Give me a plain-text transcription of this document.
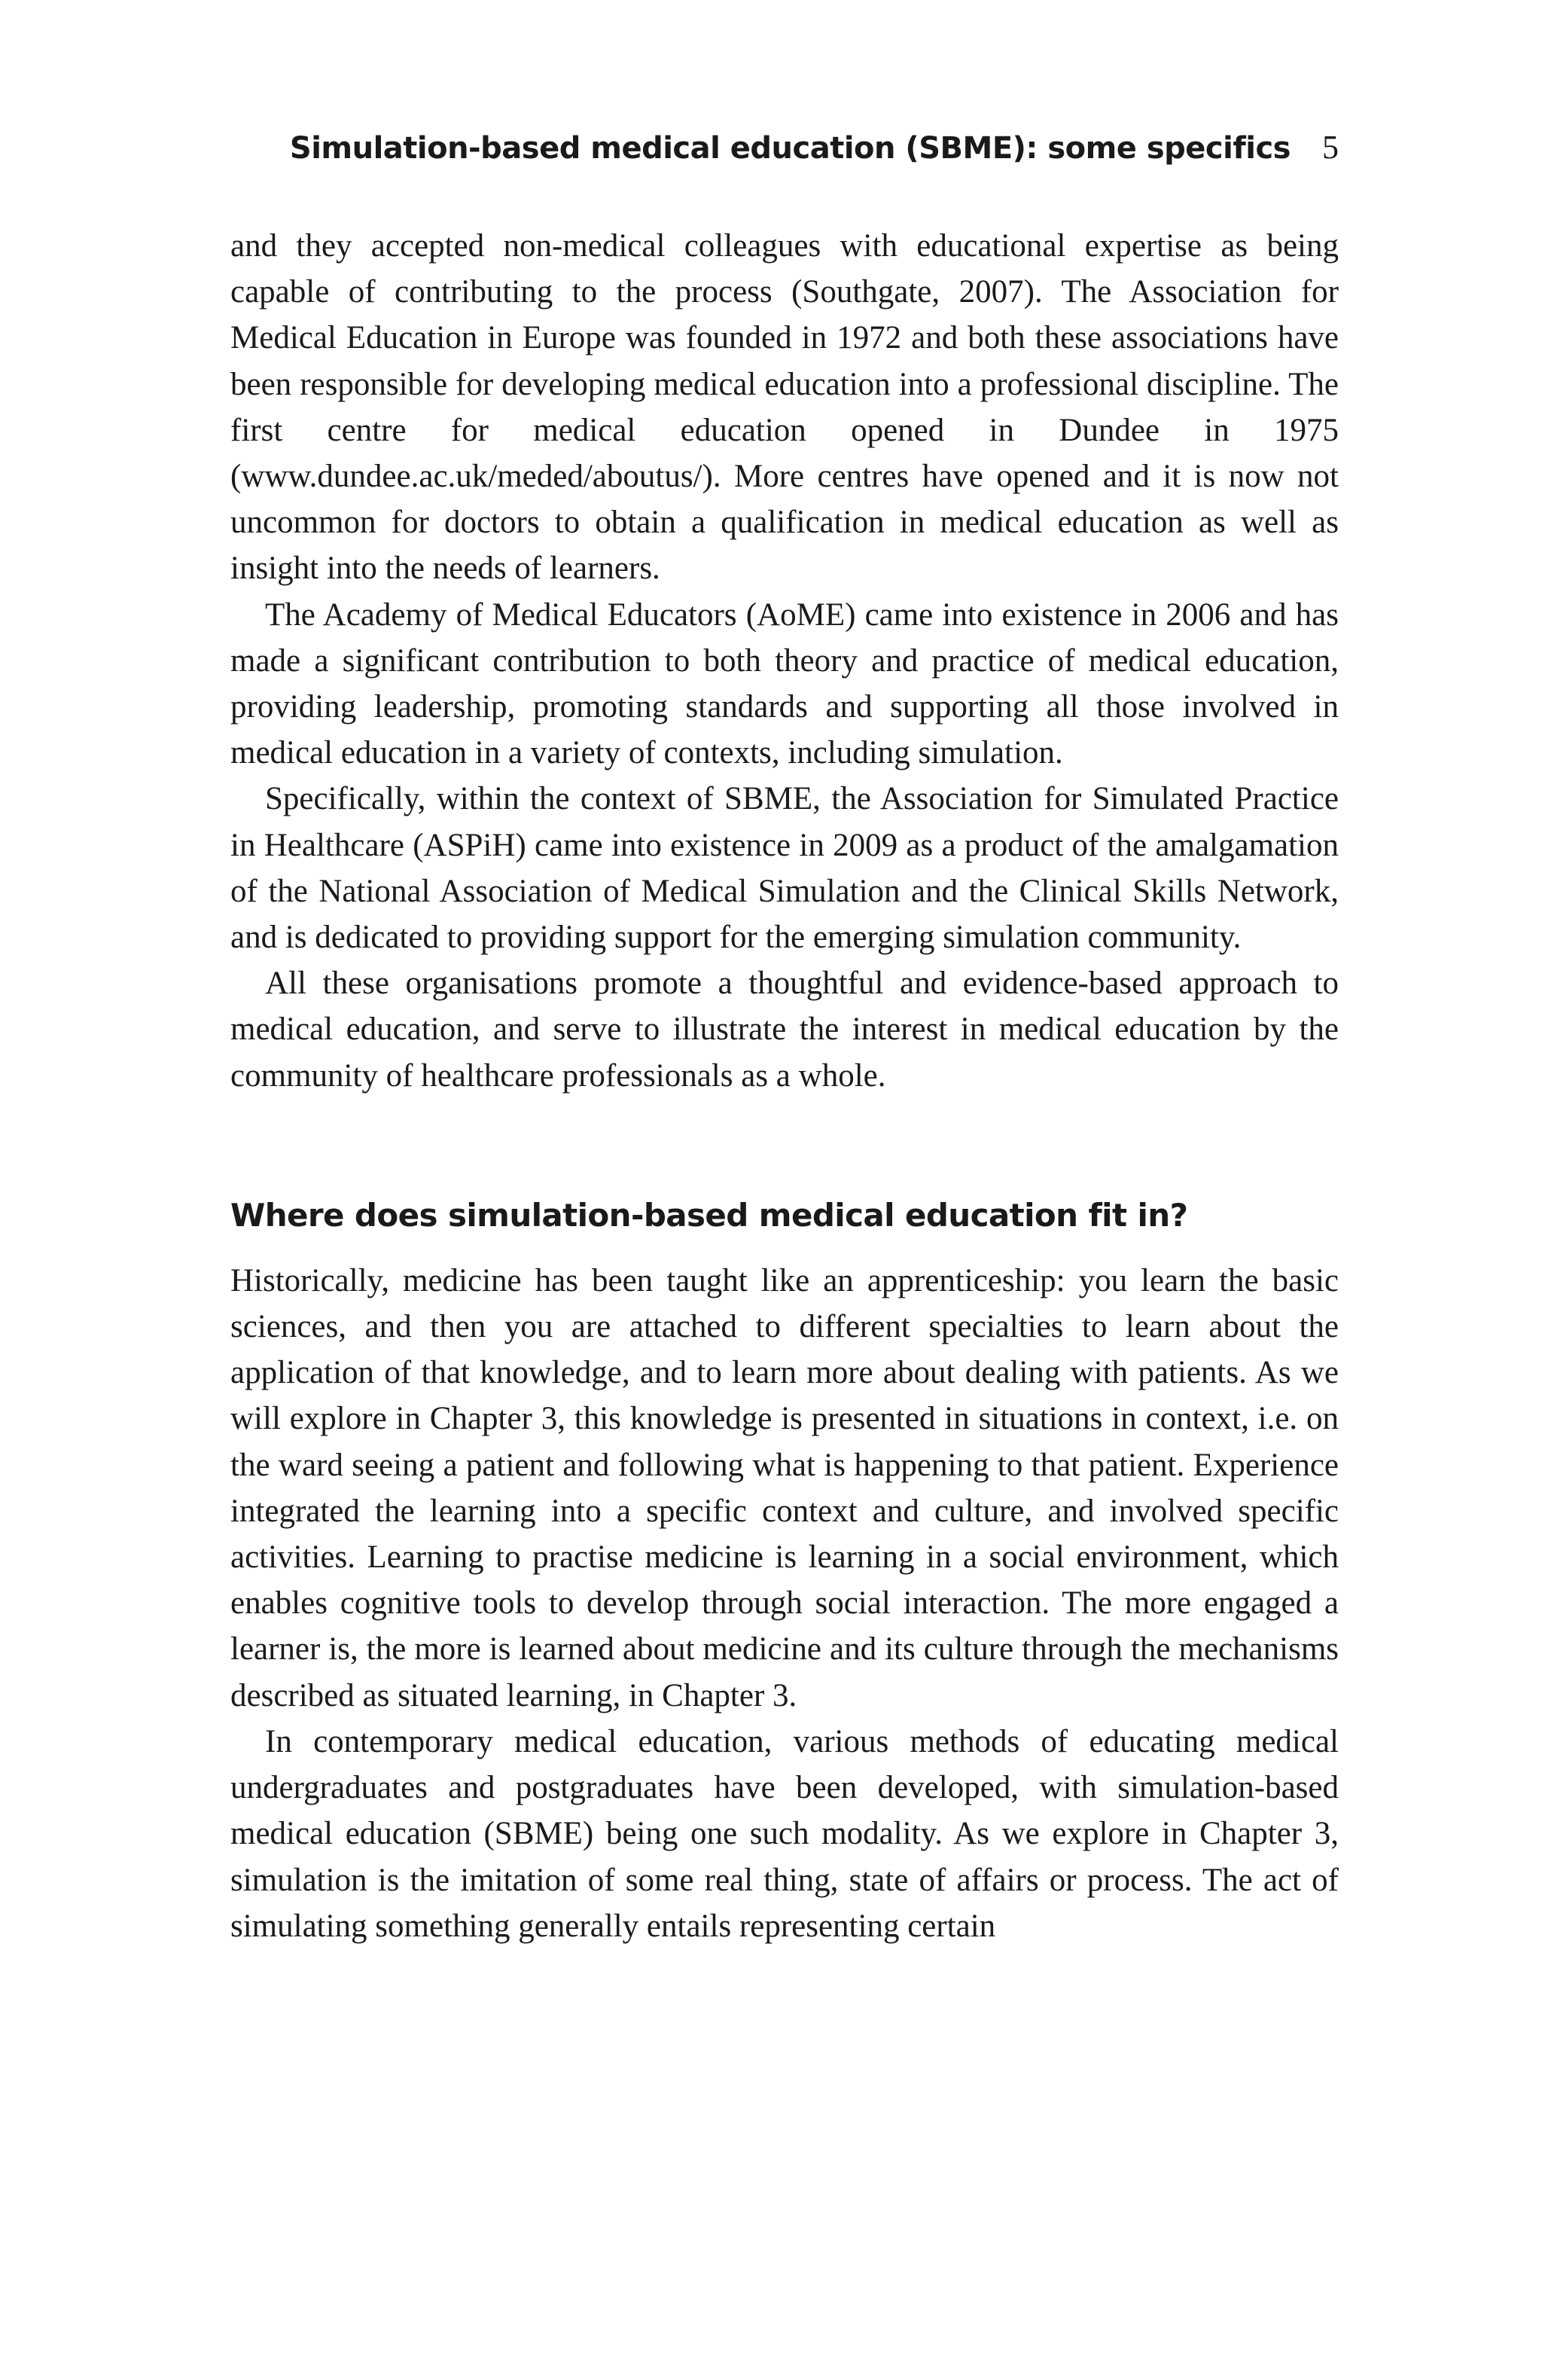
Simulation-based medical education (SBME): some specifics 5

and they accepted non-medical colleagues with educational expertise as being capable of contributing to the process (Southgate, 2007). The Association for Medical Education in Europe was founded in 1972 and both these associations have been responsible for developing medical education into a professional discipline. The first centre for medical education opened in Dundee in 1975 (www.dundee.ac.uk/meded/aboutus/). More centres have opened and it is now not uncommon for doctors to obtain a qualification in medical education as well as insight into the needs of learners.

The Academy of Medical Educators (AoME) came into existence in 2006 and has made a significant contribution to both theory and practice of medical education, providing leadership, promoting standards and supporting all those involved in medical education in a variety of contexts, including simulation.

Specifically, within the context of SBME, the Association for Simulated Practice in Healthcare (ASPiH) came into existence in 2009 as a product of the amalgamation of the National Association of Medical Simulation and the Clinical Skills Network, and is dedicated to providing support for the emerging simulation community.

All these organisations promote a thoughtful and evidence-based approach to medical education, and serve to illustrate the interest in medical education by the community of healthcare professionals as a whole.

Where does simulation-based medical education fit in?

Historically, medicine has been taught like an apprenticeship: you learn the basic sciences, and then you are attached to different specialties to learn about the application of that knowledge, and to learn more about dealing with patients. As we will explore in Chapter 3, this knowledge is presented in situations in context, i.e. on the ward seeing a patient and following what is happening to that patient. Experience integrated the learning into a specific context and culture, and involved specific activities. Learning to practise medicine is learning in a social environment, which enables cognitive tools to develop through social interaction. The more engaged a learner is, the more is learned about medicine and its culture through the mechanisms described as situated learning, in Chapter 3.

In contemporary medical education, various methods of educating medical undergraduates and postgraduates have been developed, with simulation-based medical education (SBME) being one such modality. As we explore in Chapter 3, simulation is the imitation of some real thing, state of affairs or process. The act of simulating something generally entails representing certain
